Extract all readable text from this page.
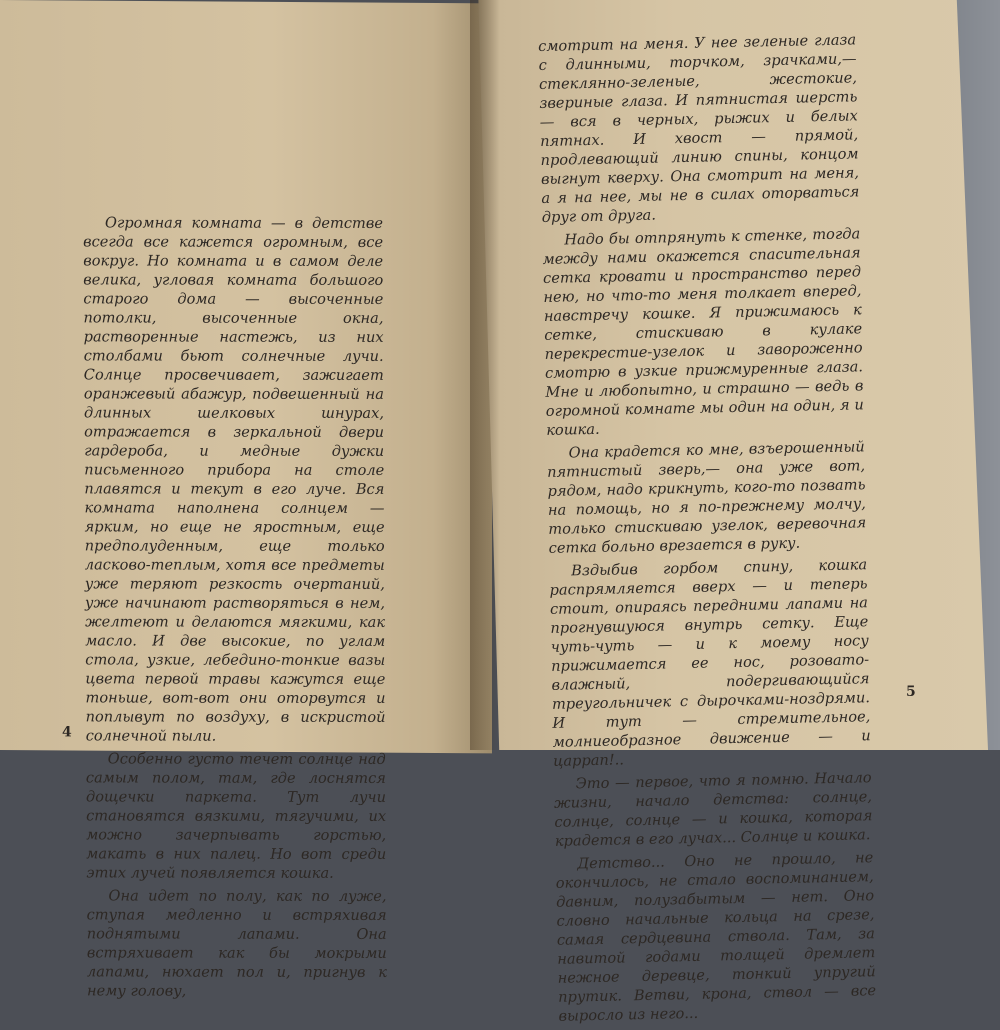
Огромная комната — в детстве всегда все кажется огромным, все вокруг. Но комната и в самом деле велика, угловая комната большого старого дома — высоченные потолки, высоченные окна, растворенные настежь, из них столбами бьют солнечные лучи. Солнце просвечивает, зажигает оранжевый абажур, подвешенный на длинных шелковых шнурах, отражается в зеркальной двери гардероба, и медные дужки письменного прибора на столе плавятся и текут в его луче. Вся комната наполнена солнцем — ярким, но еще не яростным, еще предполуденным, еще только ласково-теплым, хотя все предметы уже теряют резкость очертаний, уже начинают растворяться в нем, желтеют и делаются мягкими, как масло. И две высокие, по углам стола, узкие, лебедино-тонкие вазы цвета первой травы кажутся еще тоньше, вот-вот они оторвутся и поплывут по воздуху, в искристой солнечной пыли.

Особенно густо течет солнце над самым полом, там, где лоснятся дощечки паркета. Тут лучи становятся вязкими, тягучими, их можно зачерпывать горстью, макать в них палец. Но вот среди этих лучей появляется кошка.

Она идет по полу, как по луже, ступая медленно и встряхивая поднятыми лапами. Она встряхивает как бы мокрыми лапами, нюхает пол и, пригнув к нему голову,

4

смотрит на меня. У нее зеленые глаза с длинными, торчком, зрачками,— стеклянно-зеленые, жестокие, звериные глаза. И пятнистая шерсть — вся в черных, рыжих и белых пятнах. И хвост — прямой, продлевающий линию спины, концом выгнут кверху. Она смотрит на меня, а я на нее, мы не в силах оторваться друг от друга.

Надо бы отпрянуть к стенке, тогда между нами окажется спасительная сетка кровати и пространство перед нею, но что-то меня толкает вперед, навстречу кошке. Я прижимаюсь к сетке, стискиваю в кулаке перекрестие-узелок и завороженно смотрю в узкие прижмуренные глаза. Мне и любопытно, и страшно — ведь в огромной комнате мы один на один, я и кошка.

Она крадется ко мне, взъерошенный пятнистый зверь,— она уже вот, рядом, надо крикнуть, кого-то позвать на помощь, но я по-прежнему молчу, только стискиваю узелок, веревочная сетка больно врезается в руку.

Вздыбив горбом спину, кошка распрямляется вверх — и теперь стоит, опираясь передними лапами на прогнувшуюся внутрь сетку. Еще чуть-чуть — и к моему носу прижимается ее нос, розовато-влажный, подергивающийся треугольничек с дырочками-ноздрями. И тут — стремительное, молниеобразное движение — и царрап!..

Это — первое, что я помню. Начало жизни, начало детства: солнце, солнце, солнце — и кошка, которая крадется в его лучах... Солнце и кошка.

Детство... Оно не прошло, не окончилось, не стало воспоминанием, давним, полузабытым — нет. Оно словно начальные кольца на срезе, самая сердцевина ствола. Там, за навитой годами толщей дремлет нежное деревце, тонкий упругий прутик. Ветви, крона, ствол — все выросло из него...

5
